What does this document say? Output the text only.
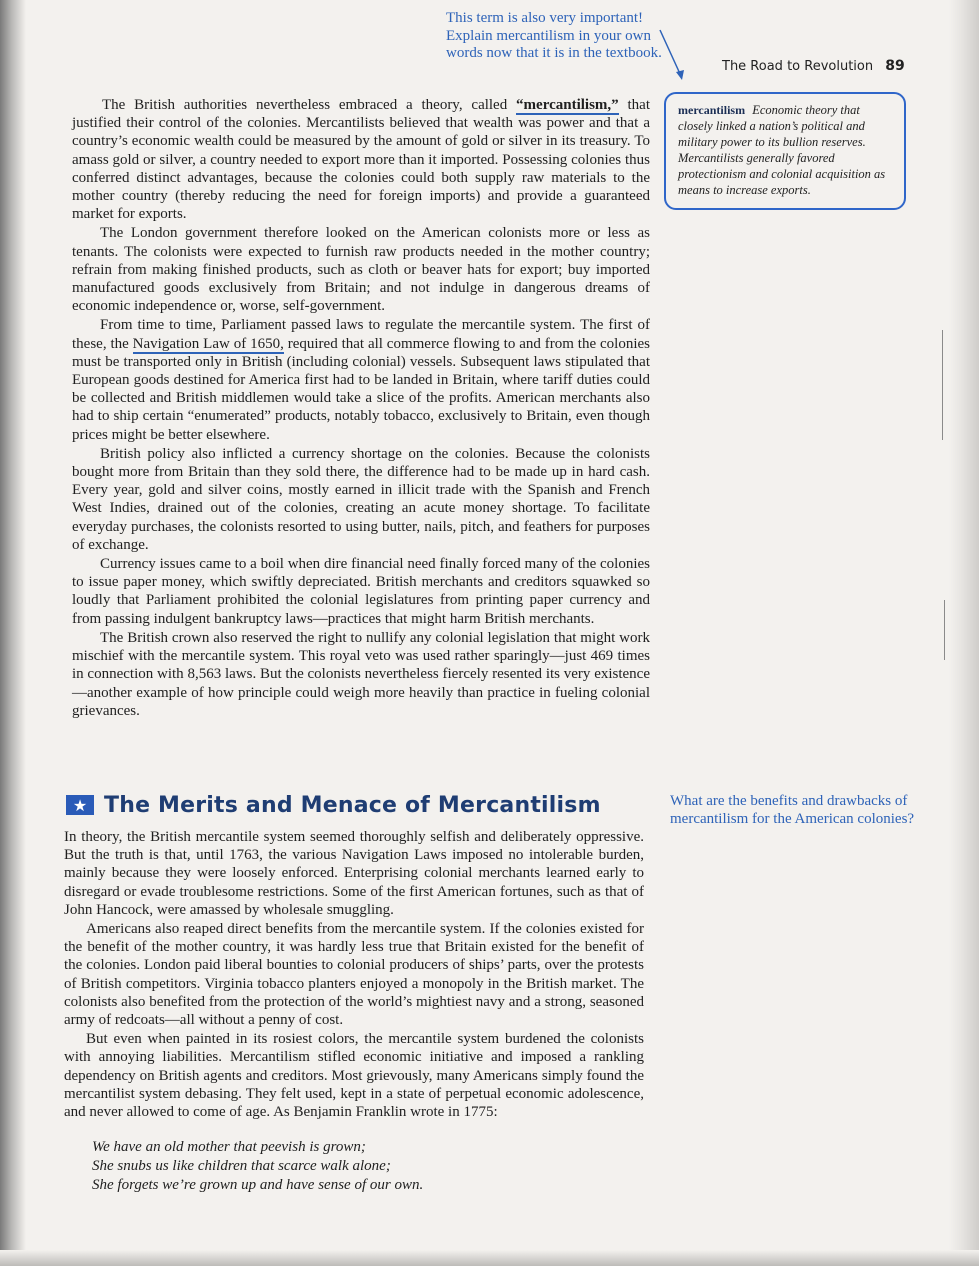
This term is also very important! Explain mercantilism in your own words now that it is in the textbook.
The Road to Revolution 89
mercantilism Economic theory that closely linked a nation’s political and military power to its bullion reserves. Mercantilists generally favored protectionism and colonial acquisition as means to increase exports.

The British authorities nevertheless embraced a theory, called “mercantilism,” that justified their control of the colonies. Mercantilists believed that wealth was power and that a country’s economic wealth could be measured by the amount of gold or silver in its treasury. To amass gold or silver, a country needed to export more than it imported. Possessing colonies thus conferred distinct advantages, because the colonies could both supply raw materials to the mother country (thereby reducing the need for foreign imports) and provide a guaranteed market for exports.

The London government therefore looked on the American colonists more or less as tenants. The colonists were expected to furnish raw products needed in the mother country; refrain from making finished products, such as cloth or beaver hats for export; buy imported manufactured goods exclusively from Britain; and not indulge in dangerous dreams of economic independence or, worse, self-government.

From time to time, Parliament passed laws to regulate the mercantile system. The first of these, the Navigation Law of 1650, required that all commerce flowing to and from the colonies must be transported only in British (including colonial) vessels. Subsequent laws stipulated that European goods destined for America first had to be landed in Britain, where tariff duties could be collected and British middlemen would take a slice of the profits. American merchants also had to ship certain “enumerated” products, notably tobacco, exclusively to Britain, even though prices might be better elsewhere.

British policy also inflicted a currency shortage on the colonies. Because the colonists bought more from Britain than they sold there, the difference had to be made up in hard cash. Every year, gold and silver coins, mostly earned in illicit trade with the Spanish and French West Indies, drained out of the colonies, creating an acute money shortage. To facilitate everyday purchases, the colonists resorted to using butter, nails, pitch, and feathers for purposes of exchange.

Currency issues came to a boil when dire financial need finally forced many of the colonies to issue paper money, which swiftly depreciated. British merchants and creditors squawked so loudly that Parliament prohibited the colonial legislatures from printing paper currency and from passing indulgent bankruptcy laws—practices that might harm British merchants.

The British crown also reserved the right to nullify any colonial legislation that might work mischief with the mercantile system. This royal veto was used rather sparingly—just 469 times in connection with 8,563 laws. But the colonists nevertheless fiercely resented its very existence—another example of how principle could weigh more heavily than practice in fueling colonial grievances.

★ The Merits and Menace of Mercantilism	What are the benefits and drawbacks of mercantilism for the American colonies?

In theory, the British mercantile system seemed thoroughly selfish and deliberately oppressive. But the truth is that, until 1763, the various Navigation Laws imposed no intolerable burden, mainly because they were loosely enforced. Enterprising colonial merchants learned early to disregard or evade troublesome restrictions. Some of the first American fortunes, such as that of John Hancock, were amassed by wholesale smuggling.

Americans also reaped direct benefits from the mercantile system. If the colonies existed for the benefit of the mother country, it was hardly less true that Britain existed for the benefit of the colonies. London paid liberal bounties to colonial producers of ships’ parts, over the protests of British competitors. Virginia tobacco planters enjoyed a monopoly in the British market. The colonists also benefited from the protection of the world’s mightiest navy and a strong, seasoned army of redcoats—all without a penny of cost.

But even when painted in its rosiest colors, the mercantile system burdened the colonists with annoying liabilities. Mercantilism stifled economic initiative and imposed a rankling dependency on British agents and creditors. Most grievously, many Americans simply found the mercantilist system debasing. They felt used, kept in a state of perpetual economic adolescence, and never allowed to come of age. As Benjamin Franklin wrote in 1775:

We have an old mother that peevish is grown;
She snubs us like children that scarce walk alone;
She forgets we’re grown up and have sense of our own.
